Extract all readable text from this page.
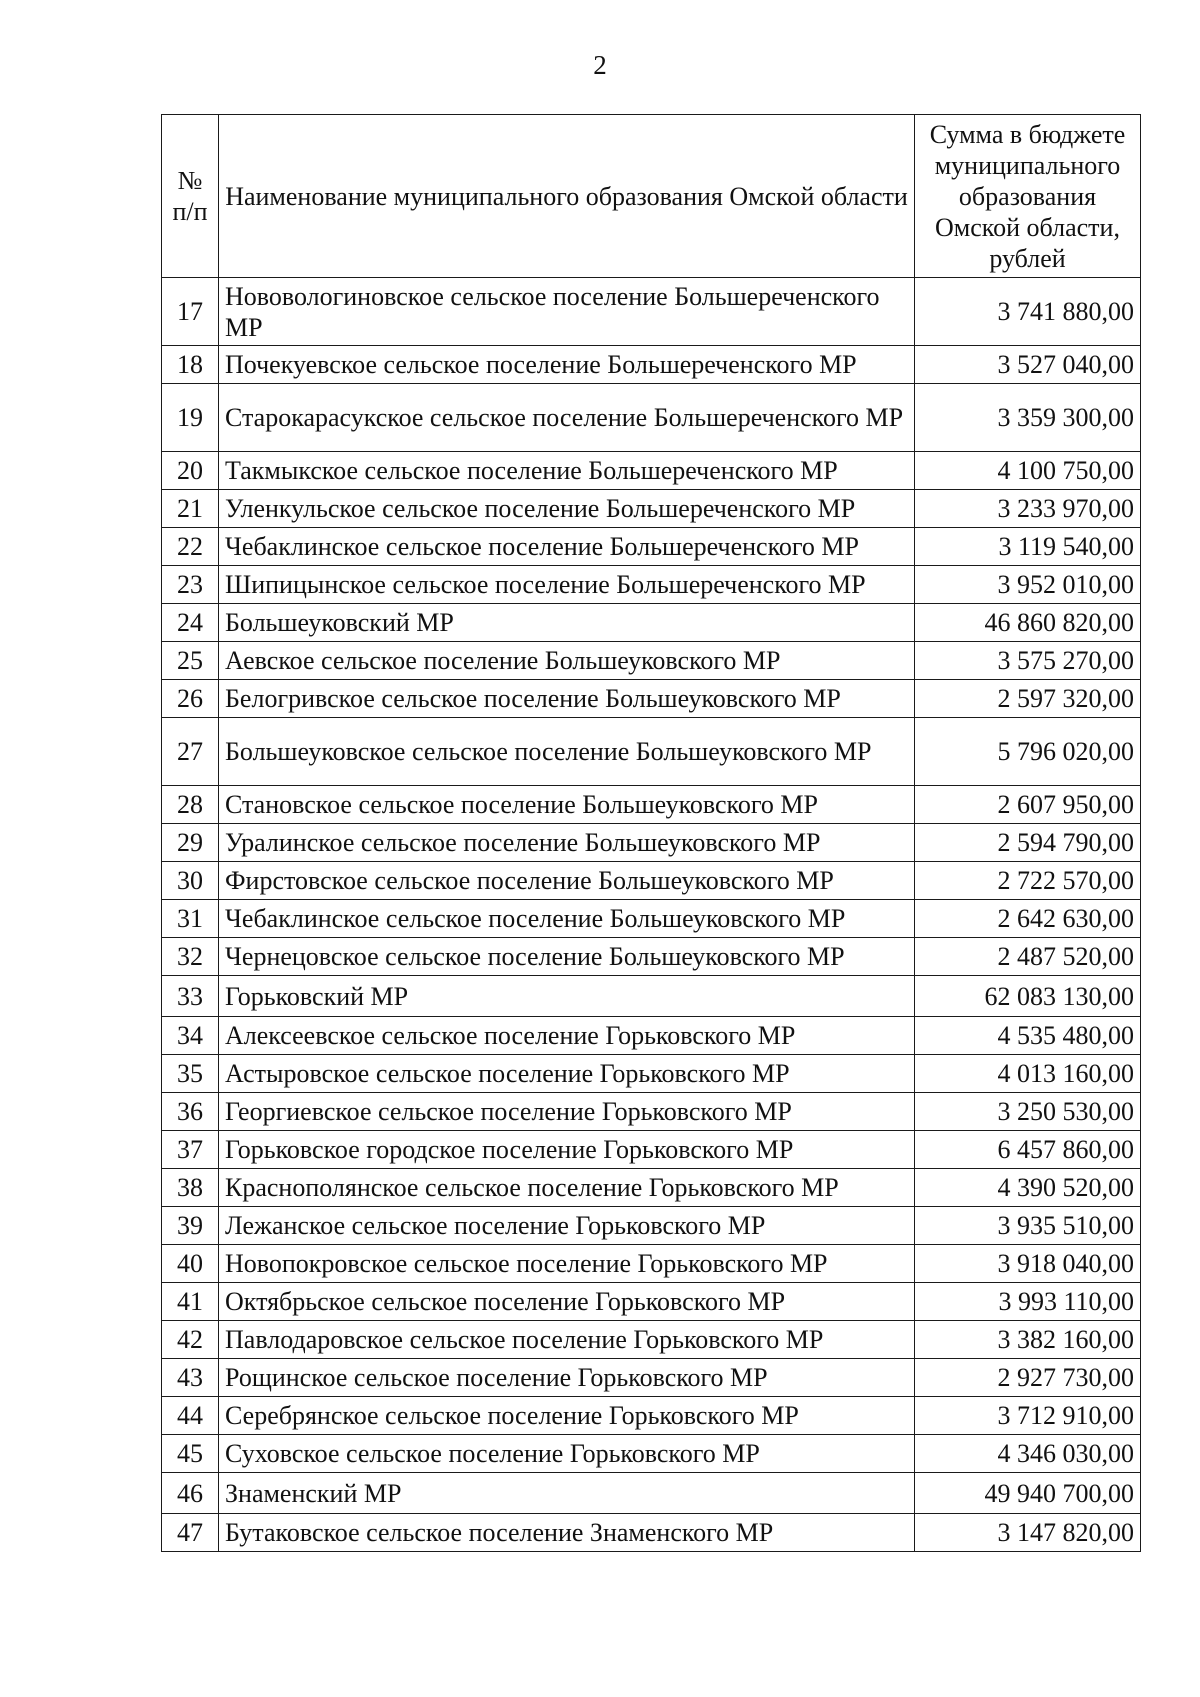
2
№ п/п	Наименование муниципального образования Омской области	Сумма в бюджете муниципального образования Омской области, рублей
17	Нововологиновское сельское поселение Большереченского МР	3 741 880,00
18	Почекуевское сельское поселение Большереченского МР	3 527 040,00
19	Старокарасукское сельское поселение Большереченского МР	3 359 300,00
20	Такмыкское сельское поселение Большереченского МР	4 100 750,00
21	Уленкульское сельское поселение Большереченского МР	3 233 970,00
22	Чебаклинское сельское поселение Большереченского МР	3 119 540,00
23	Шипицынское сельское поселение Большереченского МР	3 952 010,00
24	Большеуковский МР	46 860 820,00
25	Аевское сельское поселение Большеуковского МР	3 575 270,00
26	Белогривское сельское поселение Большеуковского МР	2 597 320,00
27	Большеуковское сельское поселение Большеуковского МР	5 796 020,00
28	Становское сельское поселение Большеуковского МР	2 607 950,00
29	Уралинское сельское поселение Большеуковского МР	2 594 790,00
30	Фирстовское сельское поселение Большеуковского МР	2 722 570,00
31	Чебаклинское сельское поселение Большеуковского МР	2 642 630,00
32	Чернецовское сельское поселение Большеуковского МР	2 487 520,00
33	Горьковский МР	62 083 130,00
34	Алексеевское сельское поселение Горьковского МР	4 535 480,00
35	Астыровское сельское поселение Горьковского МР	4 013 160,00
36	Георгиевское сельское поселение Горьковского МР	3 250 530,00
37	Горьковское городское поселение Горьковского МР	6 457 860,00
38	Краснополянское сельское поселение Горьковского МР	4 390 520,00
39	Лежанское сельское поселение Горьковского МР	3 935 510,00
40	Новопокровское сельское поселение Горьковского МР	3 918 040,00
41	Октябрьское сельское поселение Горьковского МР	3 993 110,00
42	Павлодаровское сельское поселение Горьковского МР	3 382 160,00
43	Рощинское сельское поселение Горьковского МР	2 927 730,00
44	Серебрянское сельское поселение Горьковского МР	3 712 910,00
45	Суховское сельское поселение Горьковского МР	4 346 030,00
46	Знаменский МР	49 940 700,00
47	Бутаковское сельское поселение Знаменского МР	3 147 820,00
